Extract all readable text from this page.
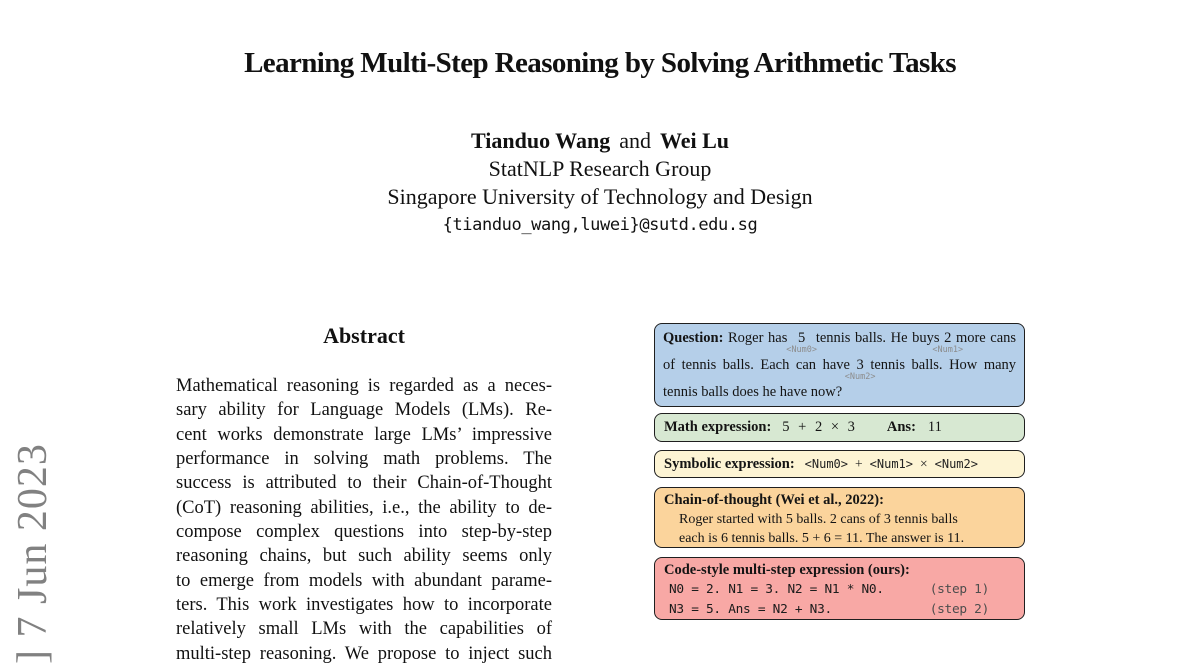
] 7 Jun 2023
Learning Multi-Step Reasoning by Solving Arithmetic Tasks
Tianduo Wang and Wei Lu
StatNLP Research Group
Singapore University of Technology and Design
{tianduo_wang,luwei}@sutd.edu.sg
Abstract
Mathematical reasoning is regarded as a neces-
sary ability for Language Models (LMs). Re-
cent works demonstrate large LMs’ impressive
performance in solving math problems. The
success is attributed to their Chain-of-Thought
(CoT) reasoning abilities, i.e., the ability to de-
compose complex questions into step-by-step
reasoning chains, but such ability seems only
to emerge from models with abundant parame-
ters. This work investigates how to incorporate
relatively small LMs with the capabilities of
multi-step reasoning. We propose to inject such
Question: Roger has 5
<Num0>
tennis balls. He buys 2
<Num1>
more cans
of tennis balls. Each can have 3
<Num2>
tennis balls. How many
tennis balls does he have now?
Math expression: 5 + 2 × 3 Ans: 11
Symbolic expression: <Num0> + <Num1> × <Num2>
Chain-of-thought (Wei et al., 2022):
Roger started with 5 balls. 2 cans of 3 tennis balls
each is 6 tennis balls. 5 + 6 = 11. The answer is 11.
Code-style multi-step expression (ours):
N0 = 2. N1 = 3. N2 = N1 * N0.	(step 1)
N3 = 5. Ans = N2 + N3.	(step 2)
